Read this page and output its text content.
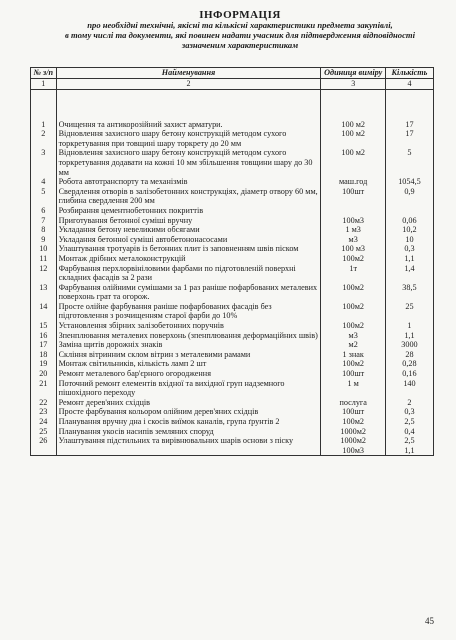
ІНФОРМАЦІЯ
про необхідні технічні, якісні та кількісні характеристики предмета закупівлі,
в тому числі та документи, які повинен надати учасник для підтвердження відповідності
зазначеним характеристикам
№ з/п	Найменування	Одиниця виміру	Кількість
1	2	3	4

1	Очищення та антикорозійний захист арматури.	100 м2	17
2	Відновлення захисного шару бетону конструкцій методом сухого торкретування при товщині шару торкрету до 20 мм	100 м2	17
3	Відновлення захисного шару бетону конструкцій методом сухого торкретування додавати на кожні 10 мм збільшення товщини шару до 30 мм	100 м2	5
4	Робота автотранспорту та механізмів	маш.год	1054,5
5	Свердлення отворів в залізобетонних конструкціях, діаметр отвору 60 мм, глибина свердлення 200 мм	100шт	0,9
6	Розбирання цементнобетонних покриттів		
7	Приготування бетонної суміші вручну	100м3	0,06
8	Укладання бетону невеликими обсягами	1 м3	10,2
9	Укладання бетонної суміші автобетононасосами	м3	10
10	Улаштування тротуарів із бетонних плит із заповненням швів піском	100 м3	0,3
11	Монтаж дрібних металоконструкцій	100м2	1,1
12	Фарбування перхлорвініловими фарбами по підготовленій поверхні складних фасадів за 2 рази	1т	1,4
13	Фарбування олійними сумішами за 1 раз раніше пофарбованих металевих поверхонь грат та огорож.	100м2	38,5
14	Просте олійне фарбування раніше пофарбованих фасадів без підготовлення з розчищенням старої фарби до 10%	100м2	25
15	Установлення збірних залізобетонних поручнів	100м2	1
16	Зпенплювання металевих поверхонь (зпенплювання деформаційних швів)	м3	1,1
17	Заміна щитів дорожніх знаків	м2	3000
18	Скління вітринним склом вітрин з металевими рамами	1 знак	28
19	Монтаж світильників, кількість ламп 2 шт	100м2	0,28
20	Ремонт металевого бар'єрного огородження	100шт	0,16
21	Поточний ремонт елементів вхідної та вихідної груп надземного пішохідного переходу	1 м	140
22	Ремонт дерев'яних східців	послуга	2
23	Просте фарбування кольором олійним дерев'яних східців	100шт	0,3
24	Планування вручну дна і скосів виїмок каналів, група ґрунтів 2	100м2	2,5
25	Планування укосів насипів земляних споруд	1000м2	0,4
26	Улаштування підстильних та вирівнювальних шарів основи з піску	1000м2	2,5
		100м3	1,1
45
